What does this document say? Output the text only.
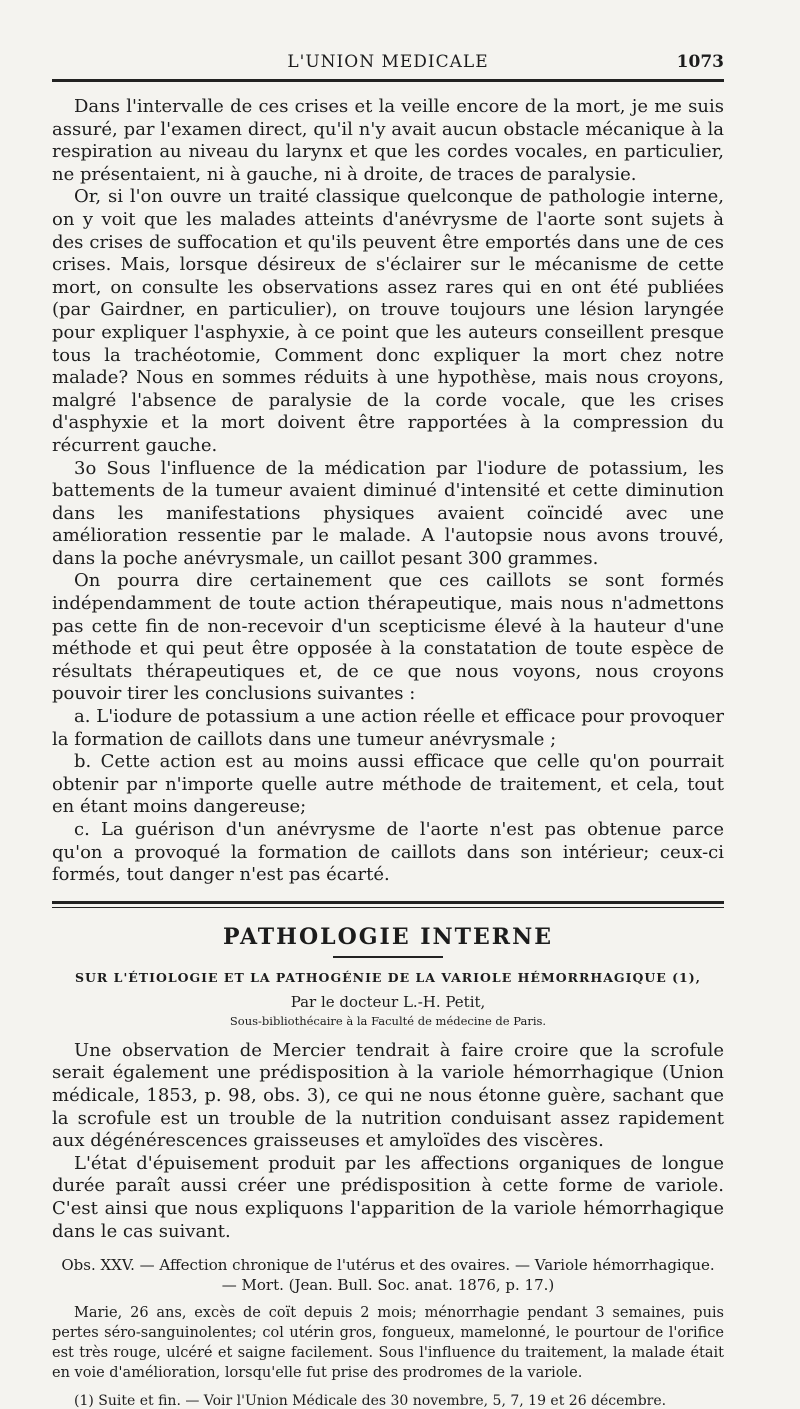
L'UNION MEDICALE	1073

Dans l'intervalle de ces crises et la veille encore de la mort, je me suis assuré, par l'examen direct, qu'il n'y avait aucun obstacle mécanique à la respiration au niveau du larynx et que les cordes vocales, en particulier, ne présentaient, ni à gauche, ni à droite, de traces de paralysie.

Or, si l'on ouvre un traité classique quelconque de pathologie interne, on y voit que les malades atteints d'anévrysme de l'aorte sont sujets à des crises de suffocation et qu'ils peuvent être emportés dans une de ces crises. Mais, lorsque désireux de s'éclairer sur le mécanisme de cette mort, on consulte les observations assez rares qui en ont été publiées (par Gairdner, en particulier), on trouve toujours une lésion laryngée pour expliquer l'asphyxie, à ce point que les auteurs conseillent presque tous la trachéotomie, Comment donc expliquer la mort chez notre malade? Nous en sommes réduits à une hypothèse, mais nous croyons, malgré l'absence de paralysie de la corde vocale, que les crises d'asphyxie et la mort doivent être rapportées à la compression du récurrent gauche.

3o Sous l'influence de la médication par l'iodure de potassium, les battements de la tumeur avaient diminué d'intensité et cette diminution dans les manifestations physiques avaient coïncidé avec une amélioration ressentie par le malade. A l'autopsie nous avons trouvé, dans la poche anévrysmale, un caillot pesant 300 grammes.

On pourra dire certainement que ces caillots se sont formés indépendamment de toute action thérapeutique, mais nous n'admettons pas cette fin de non-recevoir d'un scepticisme élevé à la hauteur d'une méthode et qui peut être opposée à la constatation de toute espèce de résultats thérapeutiques et, de ce que nous voyons, nous croyons pouvoir tirer les conclusions suivantes :

a. L'iodure de potassium a une action réelle et efficace pour provoquer la formation de caillots dans une tumeur anévrysmale ;

b. Cette action est au moins aussi efficace que celle qu'on pourrait obtenir par n'importe quelle autre méthode de traitement, et cela, tout en étant moins dangereuse;

c. La guérison d'un anévrysme de l'aorte n'est pas obtenue parce qu'on a provoqué la formation de caillots dans son intérieur; ceux-ci formés, tout danger n'est pas écarté.

PATHOLOGIE INTERNE
SUR L'ÉTIOLOGIE ET LA PATHOGÉNIE DE LA VARIOLE HÉMORRHAGIQUE (1),
Par le docteur L.-H. Petit,
Sous-bibliothécaire à la Faculté de médecine de Paris.

Une observation de Mercier tendrait à faire croire que la scrofule serait également une prédisposition à la variole hémorrhagique (Union médicale, 1853, p. 98, obs. 3), ce qui ne nous étonne guère, sachant que la scrofule est un trouble de la nutrition conduisant assez rapidement aux dégénérescences graisseuses et amyloïdes des viscères.

L'état d'épuisement produit par les affections organiques de longue durée paraît aussi créer une prédisposition à cette forme de variole. C'est ainsi que nous expliquons l'apparition de la variole hémorrhagique dans le cas suivant.

Obs. XXV. — Affection chronique de l'utérus et des ovaires. — Variole hémorrhagique. — Mort. (Jean. Bull. Soc. anat. 1876, p. 17.)
Marie, 26 ans, excès de coït depuis 2 mois; ménorrhagie pendant 3 semaines, puis pertes séro-sanguinolentes; col utérin gros, fongueux, mamelonné, le pourtour de l'orifice est très rouge, ulcéré et saigne facilement. Sous l'influence du traitement, la malade était en voie d'amélioration, lorsqu'elle fut prise des prodromes de la variole.
(1) Suite et fin. — Voir l'Union Médicale des 30 novembre, 5, 7, 19 et 26 décembre.
